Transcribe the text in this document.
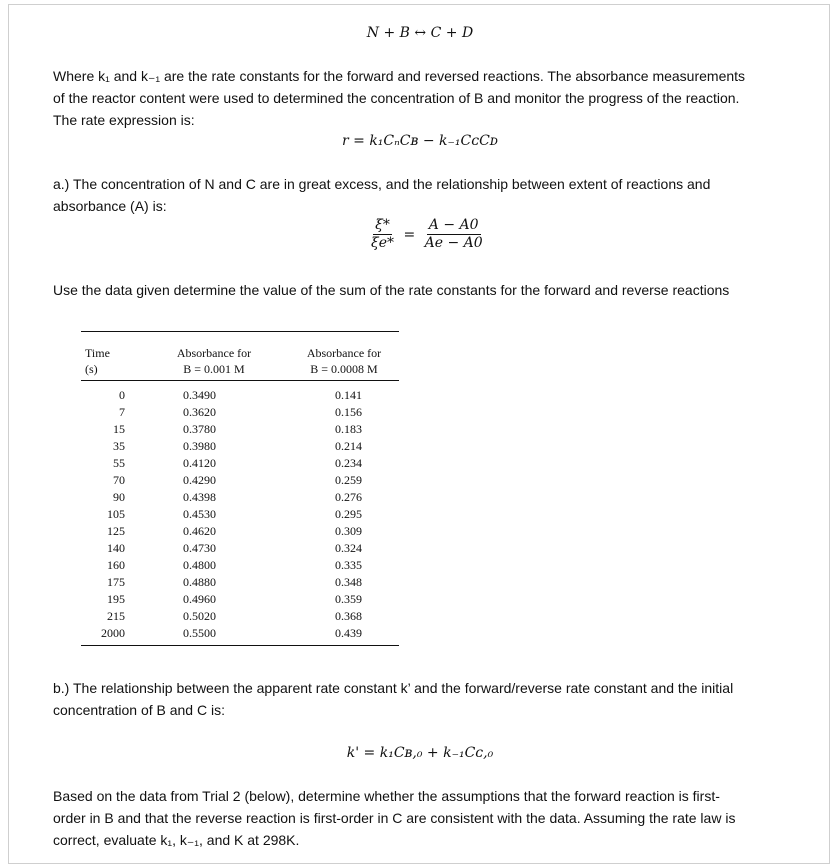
N + B ↔ C + D
Where k₁ and k₋₁ are the rate constants for the forward and reversed reactions. The absorbance measurements
of the reactor content were used to determined the concentration of B and monitor the progress of the reaction.
The rate expression is:
r = k₁CₙCʙ − k₋₁CᴄCᴅ
a.) The concentration of N and C are in great excess, and the relationship between extent of reactions and
absorbance (A) is:
$\frac{\xi*}{\xi e*} = \frac{A - A0}{Ae - A0}$
Use the data given determine the value of the sum of the rate constants for the forward and reverse reactions
Time
(s)
Absorbance for
B = 0.001 M
Absorbance for
B = 0.0008 M
0
7
15
35
55
70
90
105
125
140
160
175
195
215
2000
0.3490
0.3620
0.3780
0.3980
0.4120
0.4290
0.4398
0.4530
0.4620
0.4730
0.4800
0.4880
0.4960
0.5020
0.5500
0.141
0.156
0.183
0.214
0.234
0.259
0.276
0.295
0.309
0.324
0.335
0.348
0.359
0.368
0.439
b.) The relationship between the apparent rate constant k’ and the forward/reverse rate constant and the initial
concentration of B and C is:
k' = k₁Cʙ,₀ + k₋₁Cᴄ,₀
Based on the data from Trial 2 (below), determine whether the assumptions that the forward reaction is first-
order in B and that the reverse reaction is first-order in C are consistent with the data. Assuming the rate law is
correct, evaluate k₁, k₋₁, and K at 298K.
